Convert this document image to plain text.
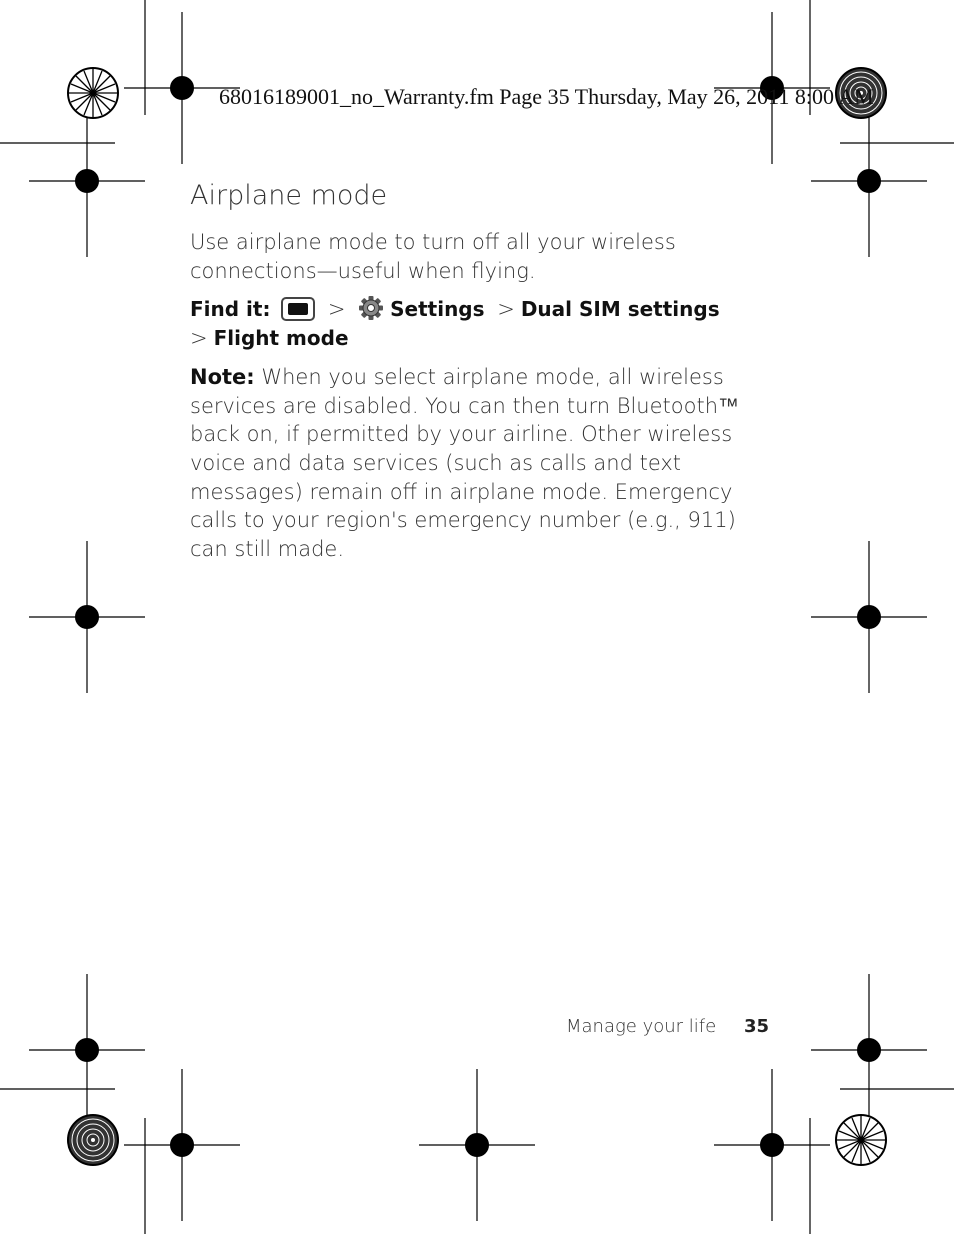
68016189001_no_Warranty.fm Page 35 Thursday, May 26, 2011 8:00 AM
Airplane mode

Use airplane mode to turn off all your wireless connections—useful when flying.

Find it:	> Settings > Dual SIM settings
> Flight mode

Note: When you select airplane mode, all wireless services are disabled. You can then turn Bluetooth™ back on, if permitted by your airline. Other wireless voice and data services (such as calls and text messages) remain off in airplane mode. Emergency calls to your region's emergency number (e.g., 911) can still made.

Manage your life 35
